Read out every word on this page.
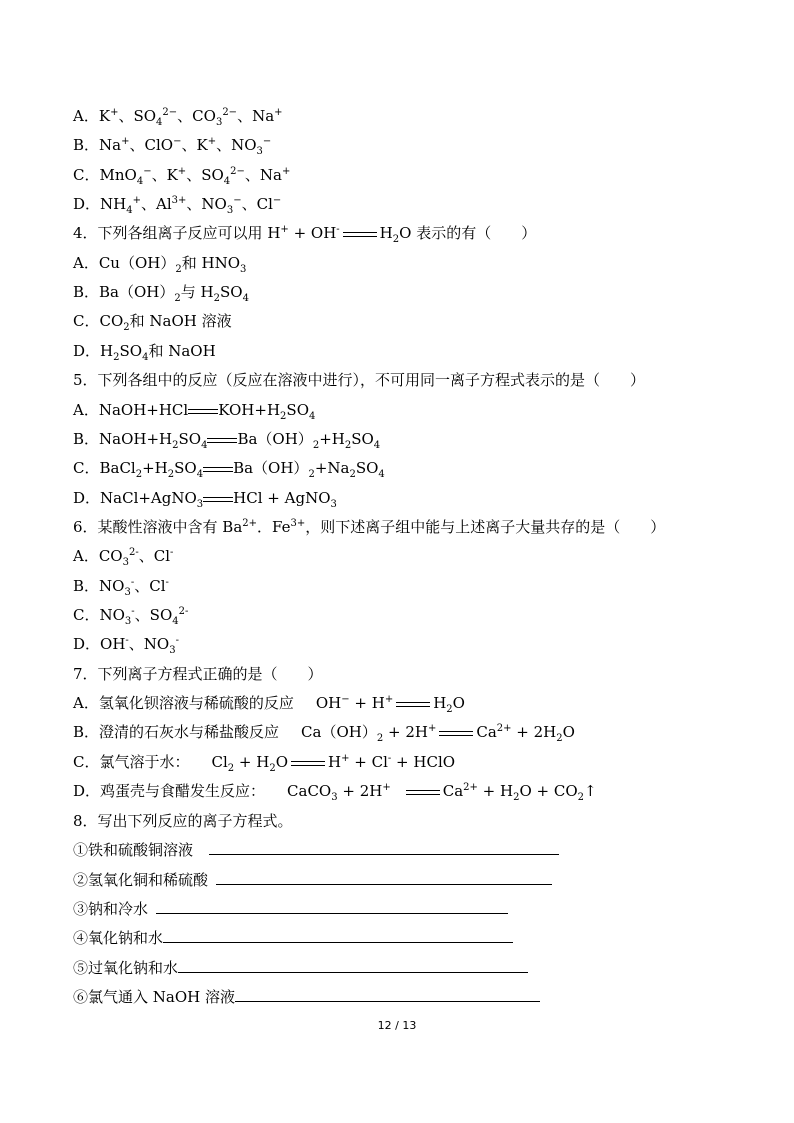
A．K+、$SO_4^{2-}$、$CO_3^{2-}$、Na+
B．Na+、ClO−、K+、$NO_3^-$
C．MnO$_4$−、K+、$SO_4^{2-}$、Na+
D．$NH_4^+$、$Al^{3+}$、$NO_3^-$、Cl−
4．下列各组离子反应可以用 H+ + OH-	$H_2O$ 表示的有（　　）
A．$Cu(OH)_2$和 $HNO_3$
B．$Ba(OH)_2$与 $H_2SO_4$
C．$CO_2$和 NaOH 溶液
D．$H_2SO_4$和 NaOH
5．下列各组中的反应（反应在溶液中进行），不可用同一离子方程式表示的是（　　）
A．NaOH+HCl $KOH+H_2SO_4$
B．$NaOH+H_2SO_4$ $Ba(OH)_2+H_2SO_4$
C．$BaCl_2+H_2SO_4$ $Ba(OH)_2+Na_2SO_4$
D．NaCl+AgNO$_3$ HCl + AgNO$_3$
6．某酸性溶液中含有 $Ba^{2+}$．$Fe^{3+}$，则下述离子组中能与上述离子大量共存的是（　　）
A．$CO_3^{2-}$、Cl-
B．$NO_3^-$、Cl-
C．$NO_3^-$、$SO_4^{2-}$
D．OH-、$NO_3^-$
7．下列离子方程式正确的是（　　）
A．氢氧化钡溶液与稀硫酸的反应 OH− + H+	$H_2O$
B．澄清的石灰水与稀盐酸反应 $Ca(OH)_2 + 2H^+$	$Ca^{2+} + 2H_2O$
C．氯气溶于水： $Cl_2 + H_2O$	H+ + Cl- + HClO
D．鸡蛋壳与食醋发生反应： CaCO$_3$ + 2H+	$Ca^{2+} + H_2O$ + $CO_2↑$
8．写出下列反应的离子方程式。
①铁和硫酸铜溶液
②氢氧化铜和稀硫酸
③钠和冷水
④氧化钠和水
⑤过氧化钠和水
⑥氯气通入 NaOH 溶液
12 / 13
